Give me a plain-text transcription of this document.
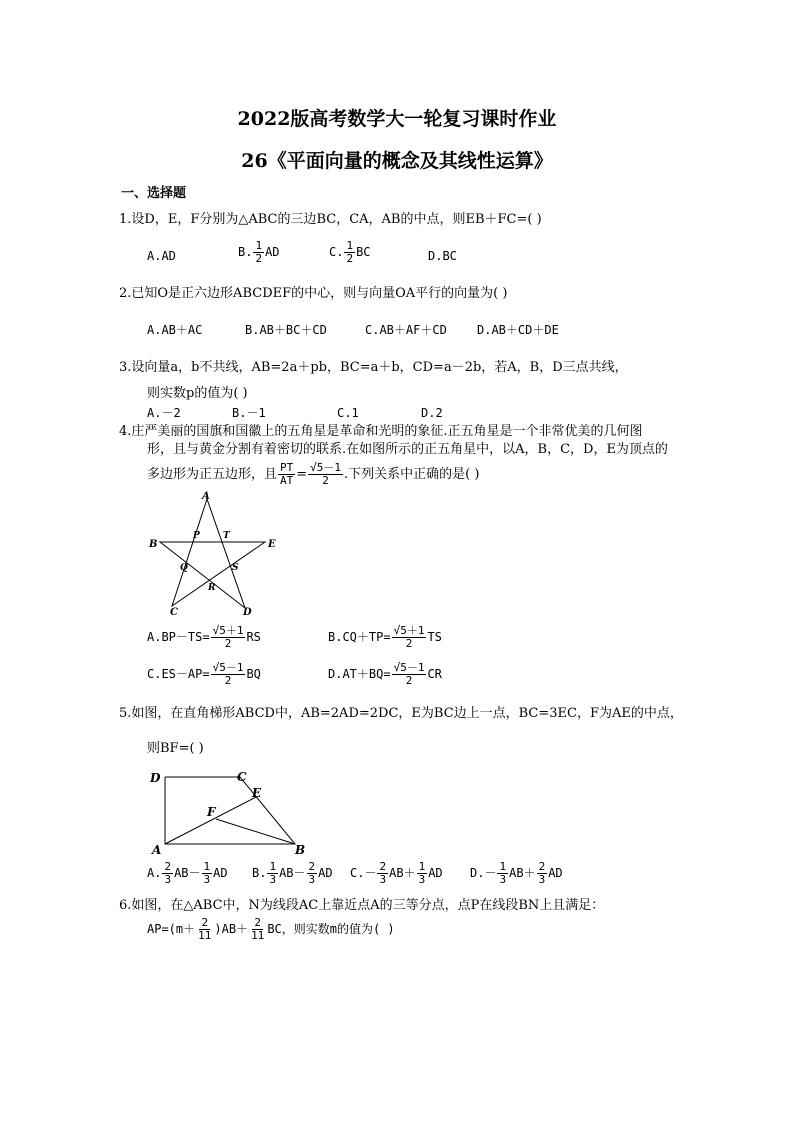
2022版高考数学大一轮复习课时作业
26《平面向量的概念及其线性运算》
一、选择题
1.设D，E，F分别为△ABC的三边BC，CA，AB的中点，则EB＋FC=( )
A.AD	B. $\frac{1}{2}$ AD	C. $\frac{1}{2}$ BC	D.BC
2.已知O是正六边形ABCDEF的中心，则与向量OA平行的向量为( )
A.AB＋AC	B.AB＋BC＋CD	C.AB＋AF＋CD	D.AB＋CD＋DE
3.设向量a，b不共线，AB=2a＋pb，BC=a＋b，CD=a－2b，若A，B，D三点共线，
则实数p的值为( )
A.－2	B.－1	C.1	D.2
4.庄严美丽的国旗和国徽上的五角星是革命和光明的象征.正五角星是一个非常优美的几何图
形，且与黄金分割有着密切的联系.在如图所示的正五角星中，以A，B，C，D，E为顶点的
多边形为正五边形，且 $\frac{PT}{AT} = \frac{√5-1}{2}$ .下列关系中正确的是( )
A
B	E
C	D
P	T
Q	S
R
$A.BP-TS= \frac{√5+1}{2}$ RS	$B.CQ+TP= \frac{√5+1}{2}$ TS
$C.ES-AP= \frac{√5-1}{2}$ BQ	$D.AT+BQ= \frac{√5-1}{2}$ CR
5.如图，在直角梯形ABCD中，AB=2AD=2DC，E为BC边上一点，BC=3EC，F为AE的中点，
则BF=( )
D	C
E
F
A	B
A. $\frac{2}{3} AB- \frac{1}{3}$ AD B. $\frac{1}{3} AB- \frac{2}{3}$ AD $C.- \frac{2}{3} AB+ \frac{1}{3}$ AD $D.- \frac{1}{3} AB+ \frac{2}{3}$ AD
6.如图，在△ABC中，N为线段AC上靠近点A的三等分点，点P在线段BN上且满足：
$AP=(m+ \frac{2}{11} )AB+ \frac{2}{11}$ BC，则实数m的值为( )
